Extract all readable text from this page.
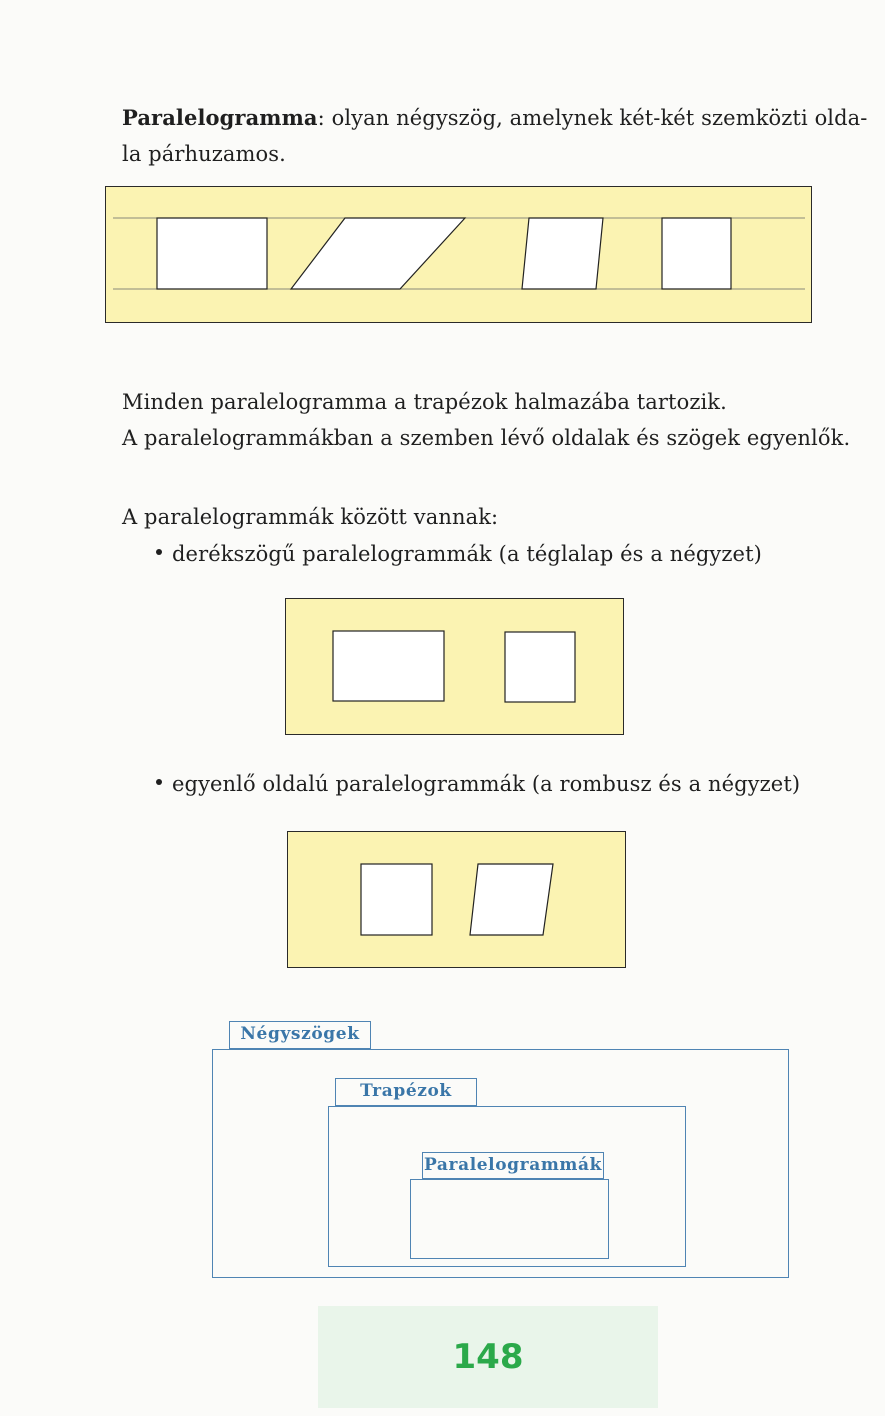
Paralelogramma: olyan négyszög, amelynek két-két szemközti olda-
la párhuzamos.
Minden paralelogramma a trapézok halmazába tartozik.
A paralelogrammákban a szemben lévő oldalak és szögek egyenlők.
A paralelogrammák között vannak:
derékszögű paralelogrammák (a téglalap és a négyzet)
egyenlő oldalú paralelogrammák (a rombusz és a négyzet)
Négyszögek
Trapézok
Paralelogrammák
148
